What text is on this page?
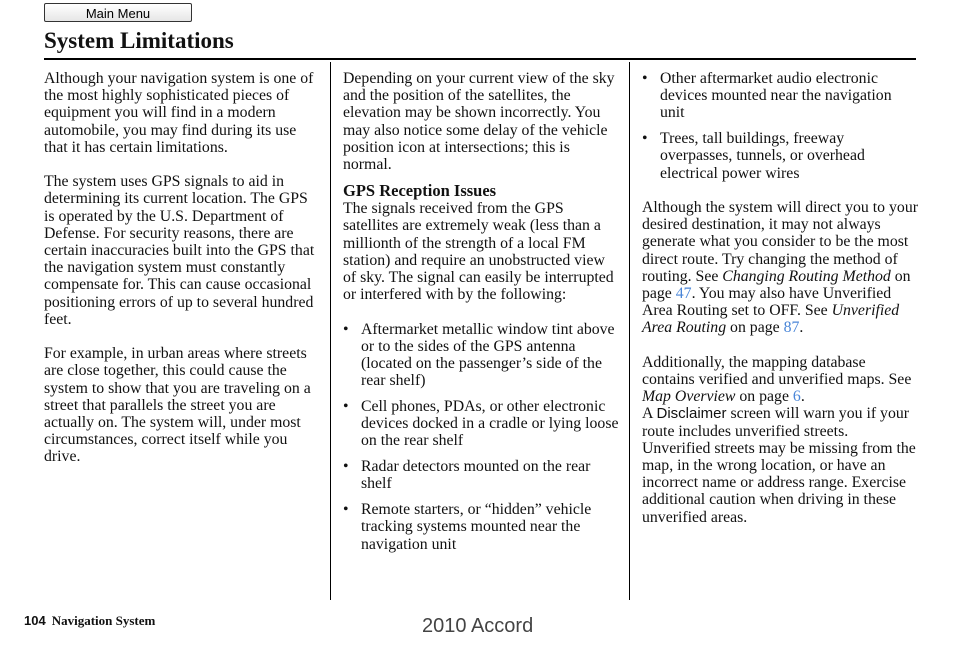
Main Menu
System Limitations

Although your navigation system is one of the most highly sophisticated pieces of equipment you will find in a modern automobile, you may find during its use that it has certain limitations.

The system uses GPS signals to aid in determining its current location. The GPS is operated by the U.S. Department of Defense. For security reasons, there are certain inaccuracies built into the GPS that the navigation system must constantly compensate for. This can cause occasional positioning errors of up to several hundred feet.

For example, in urban areas where streets are close together, this could cause the system to show that you are traveling on a street that parallels the street you are actually on. The system will, under most circumstances, correct itself while you drive.

Depending on your current view of the sky and the position of the satellites, the elevation may be shown incorrectly. You may also notice some delay of the vehicle position icon at intersections; this is normal.

GPS Reception Issues

The signals received from the GPS satellites are extremely weak (less than a millionth of the strength of a local FM station) and require an unobstructed view of sky. The signal can easily be interrupted or interfered with by the following:

• Aftermarket metallic window tint above or to the sides of the GPS antenna (located on the passenger’s side of the rear shelf)
• Cell phones, PDAs, or other electronic devices docked in a cradle or lying loose on the rear shelf
• Radar detectors mounted on the rear shelf
• Remote starters, or “hidden” vehicle tracking systems mounted near the navigation unit
• Other aftermarket audio electronic devices mounted near the navigation unit
• Trees, tall buildings, freeway overpasses, tunnels, or overhead electrical power wires

Although the system will direct you to your desired destination, it may not always generate what you consider to be the most direct route. Try changing the method of routing. See Changing Routing Method on page 47. You may also have Unverified Area Routing set to OFF. See Unverified Area Routing on page 87.

Additionally, the mapping database contains verified and unverified maps. See Map Overview on page 6.
A Disclaimer screen will warn you if your route includes unverified streets. Unverified streets may be missing from the map, in the wrong location, or have an incorrect name or address range. Exercise additional caution when driving in these unverified areas.

104 Navigation System	2010 Accord
